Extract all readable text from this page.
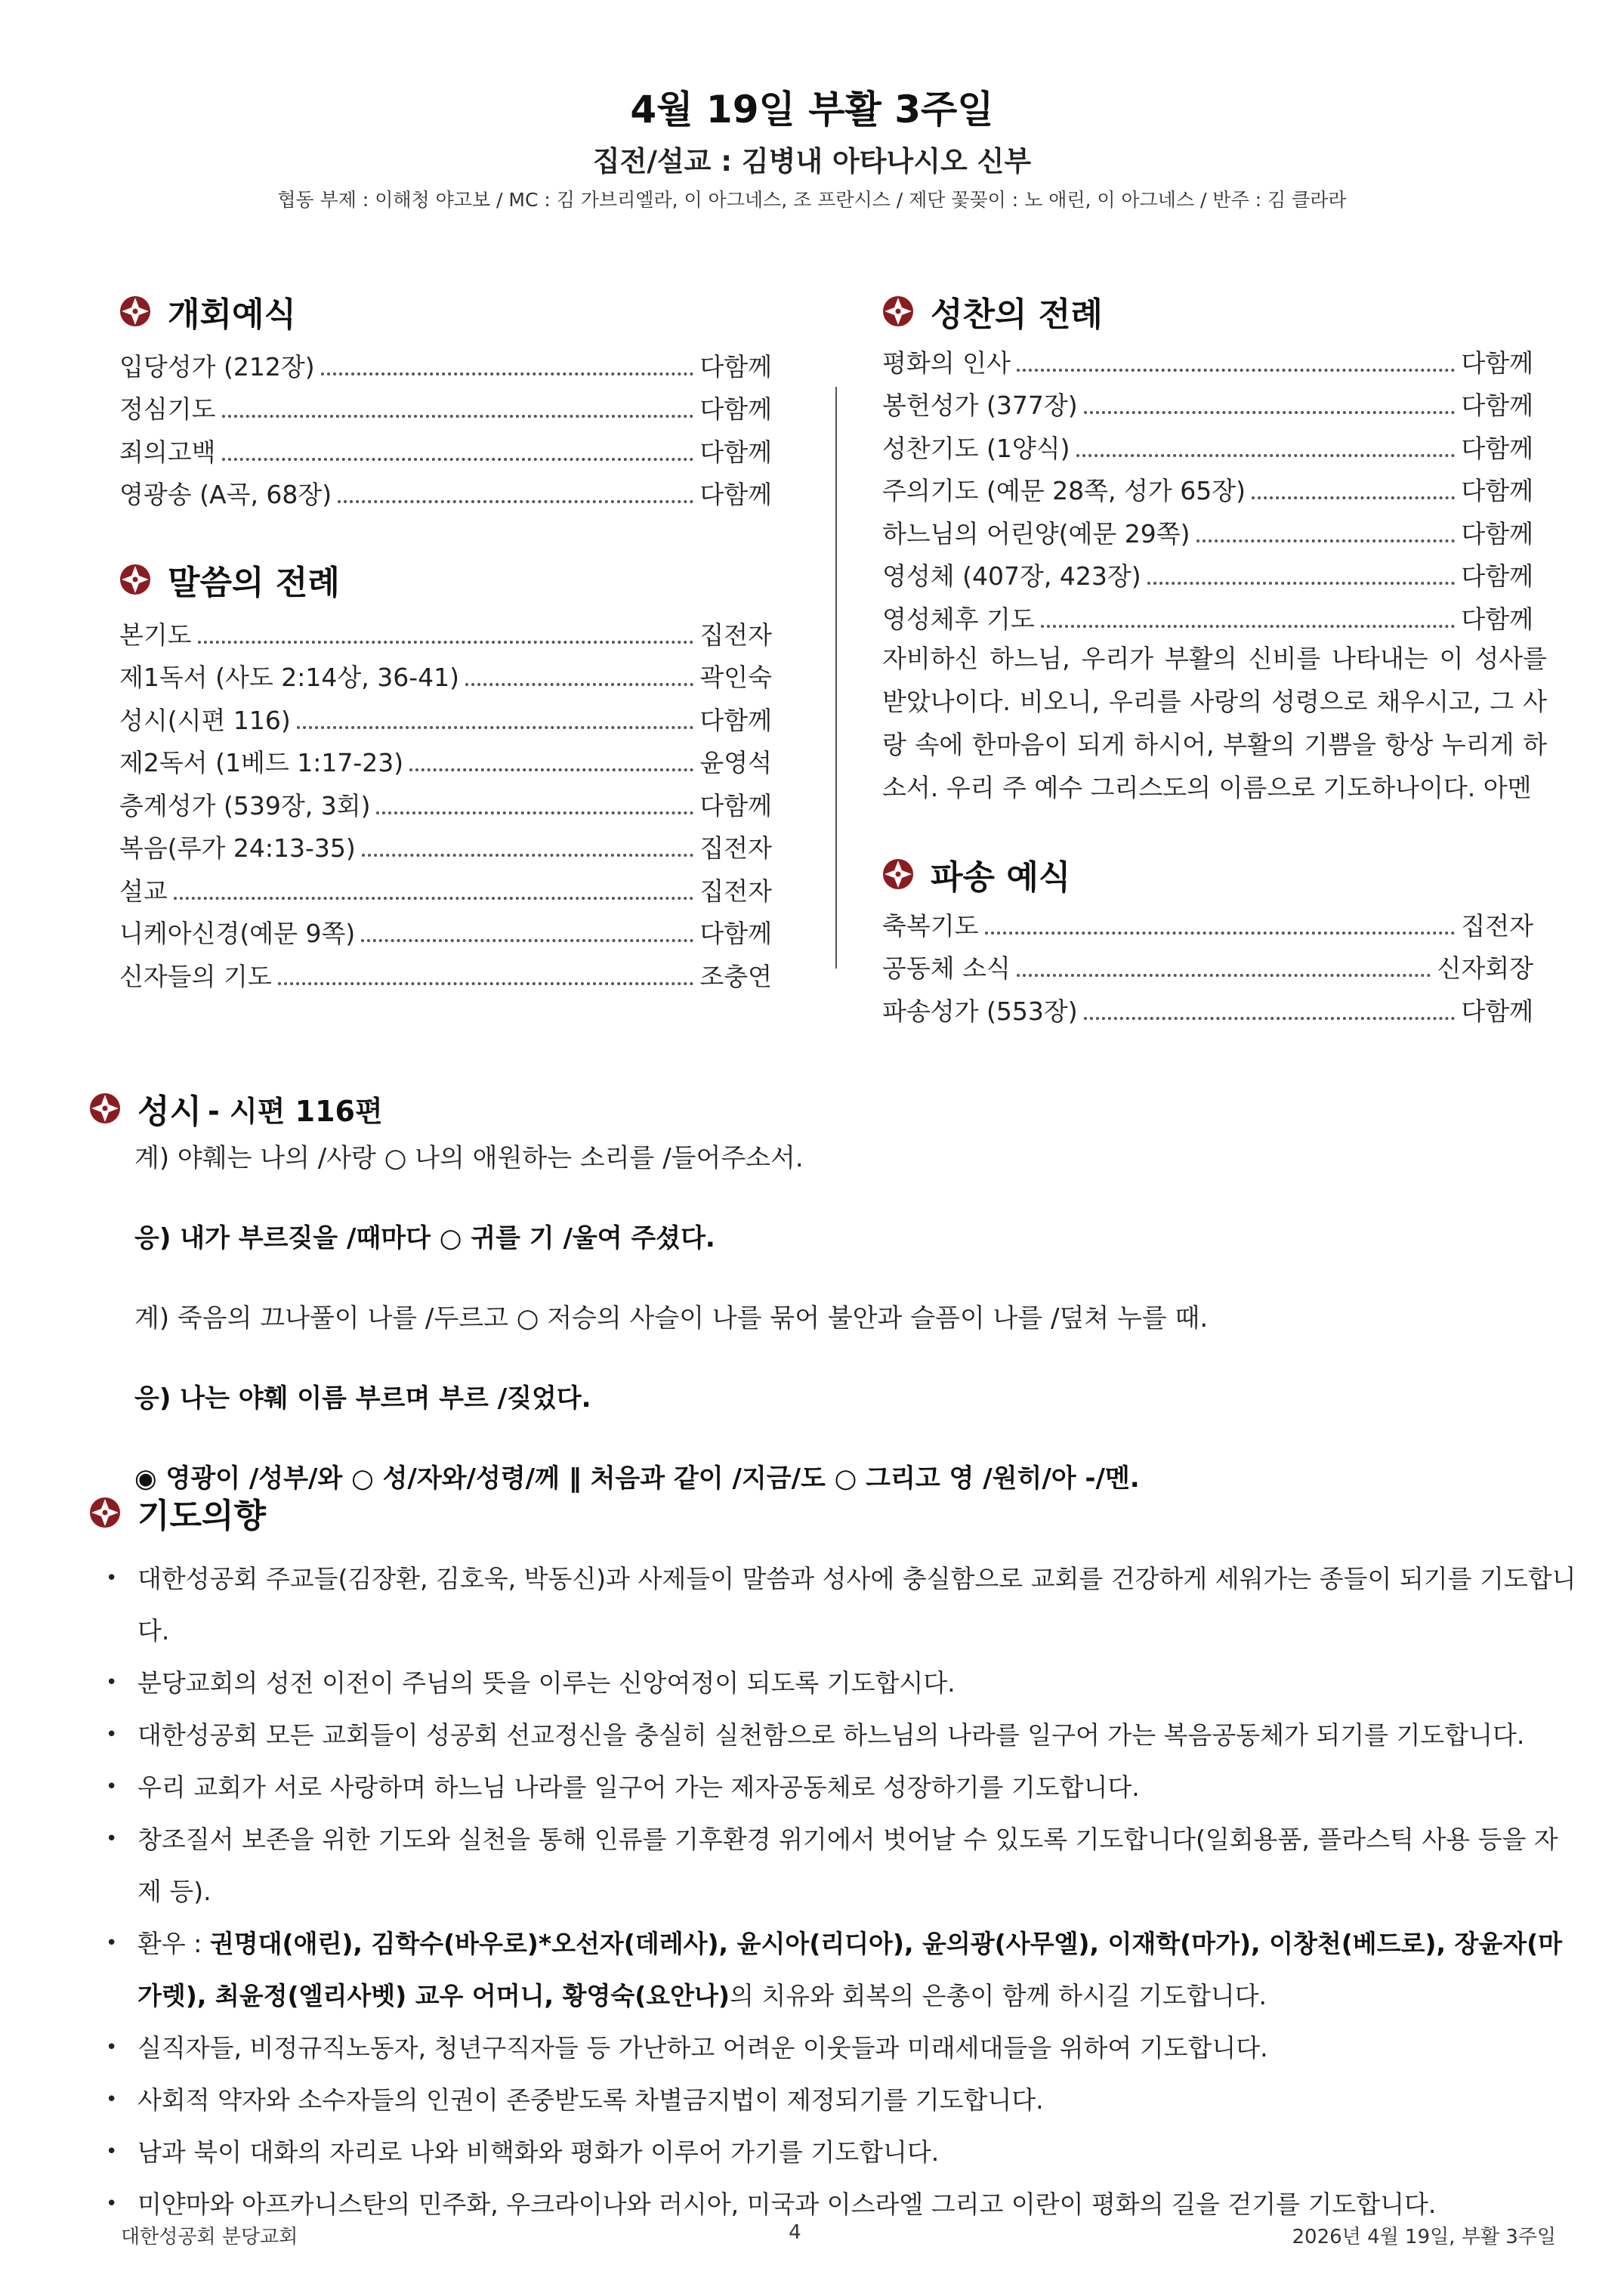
4월 19일 부활 3주일
집전/설교 : 김병내 아타나시오 신부
협동 부제 : 이해청 야고보 / MC : 김 가브리엘라, 이 아그네스, 조 프란시스 / 제단 꽃꽂이 : 노 애린, 이 아그네스 / 반주 : 김 클라라
개회예식
입당성가 (212장)	다함께
정심기도	다함께
죄의고백	다함께
영광송 (A곡, 68장)	다함께
말씀의 전례
본기도	집전자
제1독서 (사도 2:14상, 36-41)	곽인숙
성시(시편 116)	다함께
제2독서 (1베드 1:17-23)	윤영석
층계성가 (539장, 3회)	다함께
복음(루가 24:13-35)	집전자
설교	집전자
니케아신경(예문 9쪽)	다함께
신자들의 기도	조충연
성찬의 전례
평화의 인사	다함께
봉헌성가 (377장)	다함께
성찬기도 (1양식)	다함께
주의기도 (예문 28쪽, 성가 65장)	다함께
하느님의 어린양(예문 29쪽)	다함께
영성체 (407장, 423장)	다함께
영성체후 기도	다함께
자비하신 하느님, 우리가 부활의 신비를 나타내는 이 성사를 받았나이다. 비오니, 우리를 사랑의 성령으로 채우시고, 그 사랑 속에 한마음이 되게 하시어, 부활의 기쁨을 항상 누리게 하소서. 우리 주 예수 그리스도의 이름으로 기도하나이다. 아멘
파송 예식
축복기도	집전자
공동체 소식	신자회장
파송성가 (553장)	다함께
성시 - 시편 116편
계) 야훼는 나의 /사랑 ○ 나의 애원하는 소리를 /들어주소서.
응) 내가 부르짖을 /때마다 ○ 귀를 기 /울여 주셨다.
계) 죽음의 끄나풀이 나를 /두르고 ○ 저승의 사슬이 나를 묶어 불안과 슬픔이 나를 /덮쳐 누를 때.
응) 나는 야훼 이름 부르며 부르 /짖었다.
◉ 영광이 /성부/와 ○ 성/자와/성령/께 ‖ 처음과 같이 /지금/도 ○ 그리고 영 /원히/아 -/멘.
기도의향
• 대한성공회 주교들(김장환, 김호욱, 박동신)과 사제들이 말씀과 성사에 충실함으로 교회를 건강하게 세워가는 종들이 되기를 기도합니다.
• 분당교회의 성전 이전이 주님의 뜻을 이루는 신앙여정이 되도록 기도합시다.
• 대한성공회 모든 교회들이 성공회 선교정신을 충실히 실천함으로 하느님의 나라를 일구어 가는 복음공동체가 되기를 기도합니다.
• 우리 교회가 서로 사랑하며 하느님 나라를 일구어 가는 제자공동체로 성장하기를 기도합니다.
• 창조질서 보존을 위한 기도와 실천을 통해 인류를 기후환경 위기에서 벗어날 수 있도록 기도합니다(일회용품, 플라스틱 사용 등을 자제 등).
• 환우 : 권명대(애린), 김학수(바우로)*오선자(데레사), 윤시아(리디아), 윤의광(사무엘), 이재학(마가), 이창천(베드로), 장윤자(마가렛), 최윤정(엘리사벳) 교우 어머니, 황영숙(요안나)의 치유와 회복의 은총이 함께 하시길 기도합니다.
• 실직자들, 비정규직노동자, 청년구직자들 등 가난하고 어려운 이웃들과 미래세대들을 위하여 기도합니다.
• 사회적 약자와 소수자들의 인권이 존중받도록 차별금지법이 제정되기를 기도합니다.
• 남과 북이 대화의 자리로 나와 비핵화와 평화가 이루어 가기를 기도합니다.
• 미얀마와 아프카니스탄의 민주화, 우크라이나와 러시아, 미국과 이스라엘 그리고 이란이 평화의 길을 걷기를 기도합니다.
대한성공회 분당교회	4	2026년 4월 19일, 부활 3주일
